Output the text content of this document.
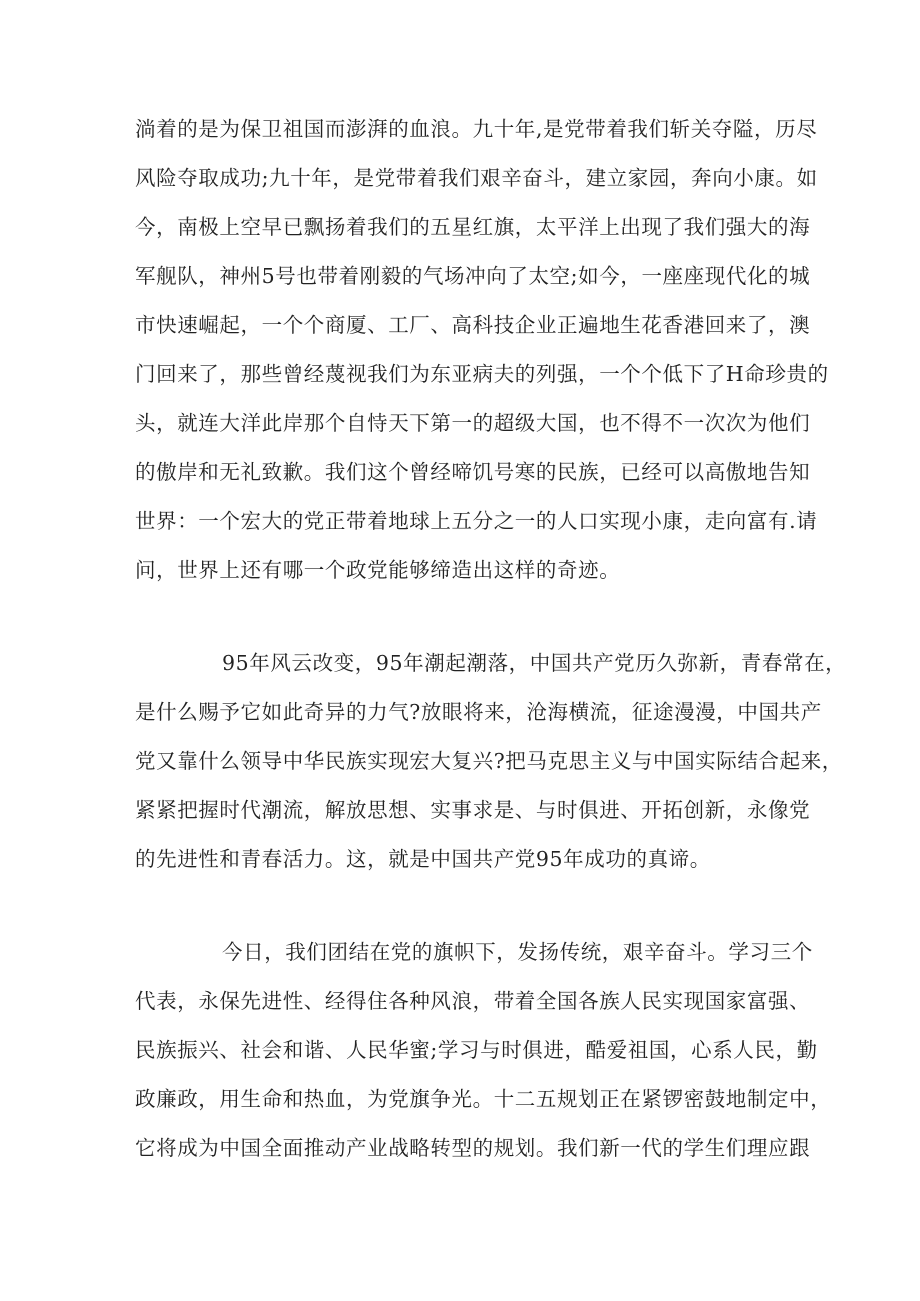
淌着的是为保卫祖国而澎湃的血浪。九十年,是党带着我们斩关夺隘，历尽
风险夺取成功;九十年，是党带着我们艰辛奋斗，建立家园，奔向小康。如
今，南极上空早已飘扬着我们的五星红旗，太平洋上出现了我们强大的海
军舰队，神州5号也带着刚毅的气场冲向了太空;如今，一座座现代化的城
市快速崛起，一个个商厦、工厂、高科技企业正遍地生花香港回来了，澳
门回来了，那些曾经蔑视我们为东亚病夫的列强，一个个低下了H命珍贵的
头，就连大洋此岸那个自恃天下第一的超级大国，也不得不一次次为他们
的傲岸和无礼致歉。我们这个曾经啼饥号寒的民族，已经可以高傲地告知
世界：一个宏大的党正带着地球上五分之一的人口实现小康，走向富有.请
问，世界上还有哪一个政党能够缔造出这样的奇迹。
95年风云改变，95年潮起潮落，中国共产党历久弥新，青春常在，
是什么赐予它如此奇异的力气?放眼将来，沧海横流，征途漫漫，中国共产
党又靠什么领导中华民族实现宏大复兴?把马克思主义与中国实际结合起来，
紧紧把握时代潮流，解放思想、实事求是、与时俱进、开拓创新，永像党
的先进性和青春活力。这，就是中国共产党95年成功的真谛。
今日，我们团结在党的旗帜下，发扬传统，艰辛奋斗。学习三个
代表，永保先进性、经得住各种风浪，带着全国各族人民实现国家富强、
民族振兴、社会和谐、人民华蜜;学习与时俱进，酷爱祖国，心系人民，勤
政廉政，用生命和热血，为党旗争光。十二五规划正在紧锣密鼓地制定中，
它将成为中国全面推动产业战略转型的规划。我们新一代的学生们理应跟
